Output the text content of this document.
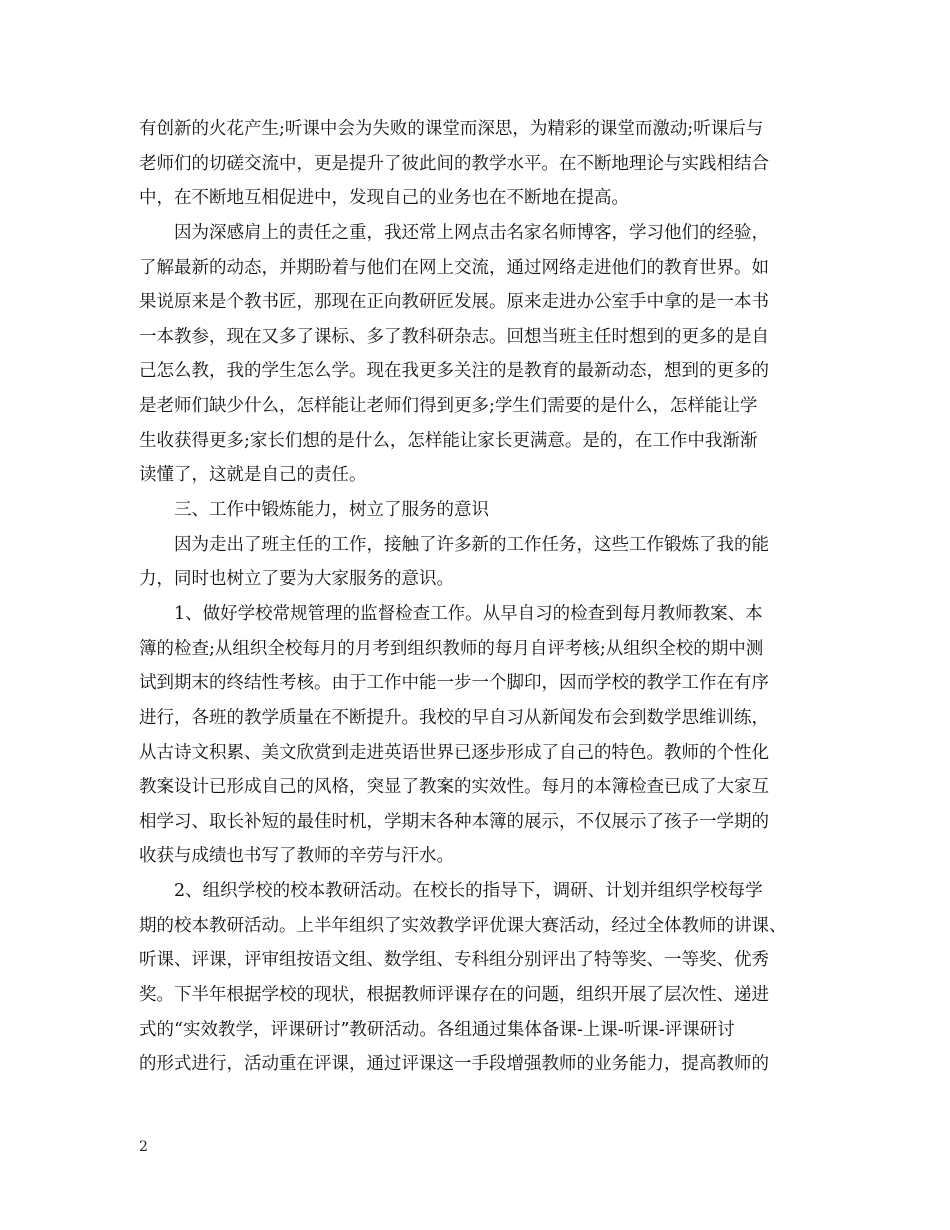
有创新的火花产生;听课中会为失败的课堂而深思，为精彩的课堂而激动;听课后与
老师们的切磋交流中，更是提升了彼此间的教学水平。在不断地理论与实践相结合
中，在不断地互相促进中，发现自己的业务也在不断地在提高。
因为深感肩上的责任之重，我还常上网点击名家名师博客，学习他们的经验，
了解最新的动态，并期盼着与他们在网上交流，通过网络走进他们的教育世界。如
果说原来是个教书匠，那现在正向教研匠发展。原来走进办公室手中拿的是一本书
一本教参，现在又多了课标、多了教科研杂志。回想当班主任时想到的更多的是自
己怎么教，我的学生怎么学。现在我更多关注的是教育的最新动态，想到的更多的
是老师们缺少什么，怎样能让老师们得到更多;学生们需要的是什么，怎样能让学
生收获得更多;家长们想的是什么，怎样能让家长更满意。是的，在工作中我渐渐
读懂了，这就是自己的责任。
三、工作中锻炼能力，树立了服务的意识
因为走出了班主任的工作，接触了许多新的工作任务，这些工作锻炼了我的能
力，同时也树立了要为大家服务的意识。
1、做好学校常规管理的监督检查工作。从早自习的检查到每月教师教案、本
簿的检查;从组织全校每月的月考到组织教师的每月自评考核;从组织全校的期中测
试到期末的终结性考核。由于工作中能一步一个脚印，因而学校的教学工作在有序
进行，各班的教学质量在不断提升。我校的早自习从新闻发布会到数学思维训练，
从古诗文积累、美文欣赏到走进英语世界已逐步形成了自己的特色。教师的个性化
教案设计已形成自己的风格，突显了教案的实效性。每月的本簿检查已成了大家互
相学习、取长补短的最佳时机，学期末各种本簿的展示，不仅展示了孩子一学期的
收获与成绩也书写了教师的辛劳与汗水。
2、组织学校的校本教研活动。在校长的指导下，调研、计划并组织学校每学
期的校本教研活动。上半年组织了实效教学评优课大赛活动，经过全体教师的讲课、
听课、评课，评审组按语文组、数学组、专科组分别评出了特等奖、一等奖、优秀
奖。下半年根据学校的现状，根据教师评课存在的问题，组织开展了层次性、递进
式的“实效教学，评课研讨”教研活动。各组通过集体备课-上课-听课-评课研讨
的形式进行，活动重在评课，通过评课这一手段增强教师的业务能力，提高教师的
2
